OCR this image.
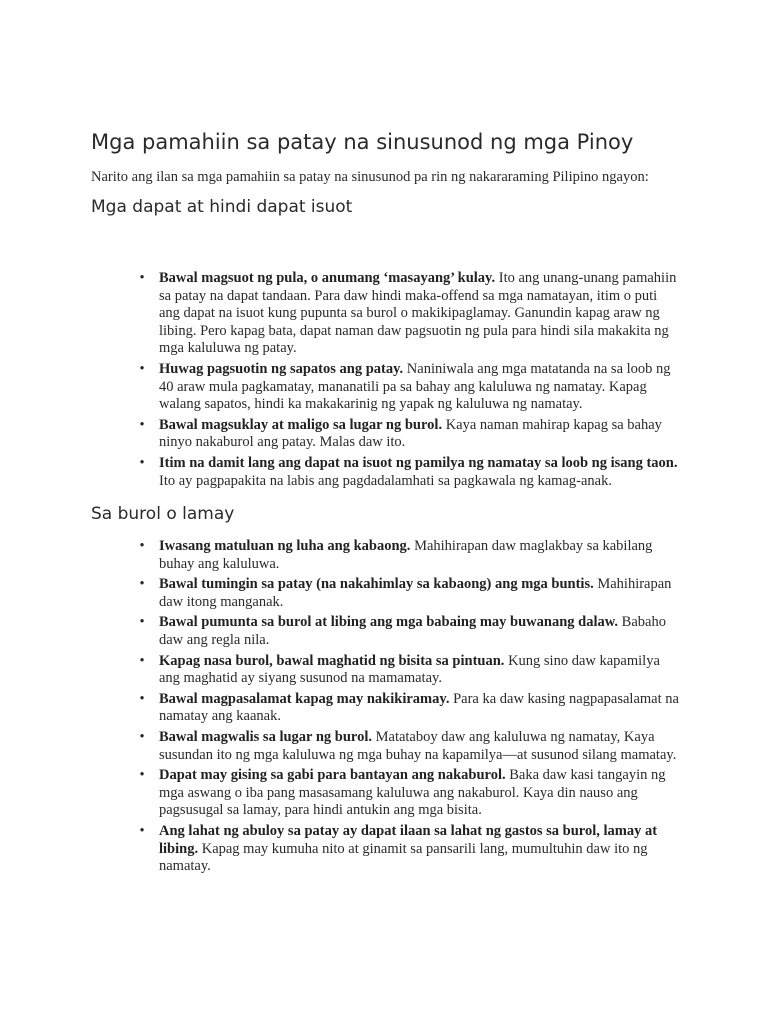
Mga pamahiin sa patay na sinusunod ng mga Pinoy

Narito ang ilan sa mga pamahiin sa patay na sinusunod pa rin ng nakararaming Pilipino ngayon:

Mga dapat at hindi dapat isuot
• Bawal magsuot ng pula, o anumang ‘masayang’ kulay. Ito ang unang-unang pamahiin sa patay na dapat tandaan. Para daw hindi maka-offend sa mga namatayan, itim o puti ang dapat na isuot kung pupunta sa burol o makikipaglamay. Ganundin kapag araw ng libing. Pero kapag bata, dapat naman daw pagsuotin ng pula para hindi sila makakita ng mga kaluluwa ng patay.
• Huwag pagsuotin ng sapatos ang patay. Naniniwala ang mga matatanda na sa loob ng 40 araw mula pagkamatay, mananatili pa sa bahay ang kaluluwa ng namatay. Kapag walang sapatos, hindi ka makakarinig ng yapak ng kaluluwa ng namatay.
• Bawal magsuklay at maligo sa lugar ng burol. Kaya naman mahirap kapag sa bahay ninyo nakaburol ang patay. Malas daw ito.
• Itim na damit lang ang dapat na isuot ng pamilya ng namatay sa loob ng isang taon. Ito ay pagpapakita na labis ang pagdadalamhati sa pagkawala ng kamag-anak.
Sa burol o lamay
• Iwasang matuluan ng luha ang kabaong. Mahihirapan daw maglakbay sa kabilang buhay ang kaluluwa.
• Bawal tumingin sa patay (na nakahimlay sa kabaong) ang mga buntis. Mahihirapan daw itong manganak.
• Bawal pumunta sa burol at libing ang mga babaing may buwanang dalaw. Babaho daw ang regla nila.
• Kapag nasa burol, bawal maghatid ng bisita sa pintuan. Kung sino daw kapamilya ang maghatid ay siyang susunod na mamamatay.
• Bawal magpasalamat kapag may nakikiramay. Para ka daw kasing nagpapasalamat na namatay ang kaanak.
• Bawal magwalis sa lugar ng burol. Matataboy daw ang kaluluwa ng namatay, Kaya susundan ito ng mga kaluluwa ng mga buhay na kapamilya—at susunod silang mamatay.
• Dapat may gising sa gabi para bantayan ang nakaburol. Baka daw kasi tangayin ng mga aswang o iba pang masasamang kaluluwa ang nakaburol. Kaya din nauso ang pagsusugal sa lamay, para hindi antukin ang mga bisita.
• Ang lahat ng abuloy sa patay ay dapat ilaan sa lahat ng gastos sa burol, lamay at libing. Kapag may kumuha nito at ginamit sa pansarili lang, mumultuhin daw ito ng namatay.
